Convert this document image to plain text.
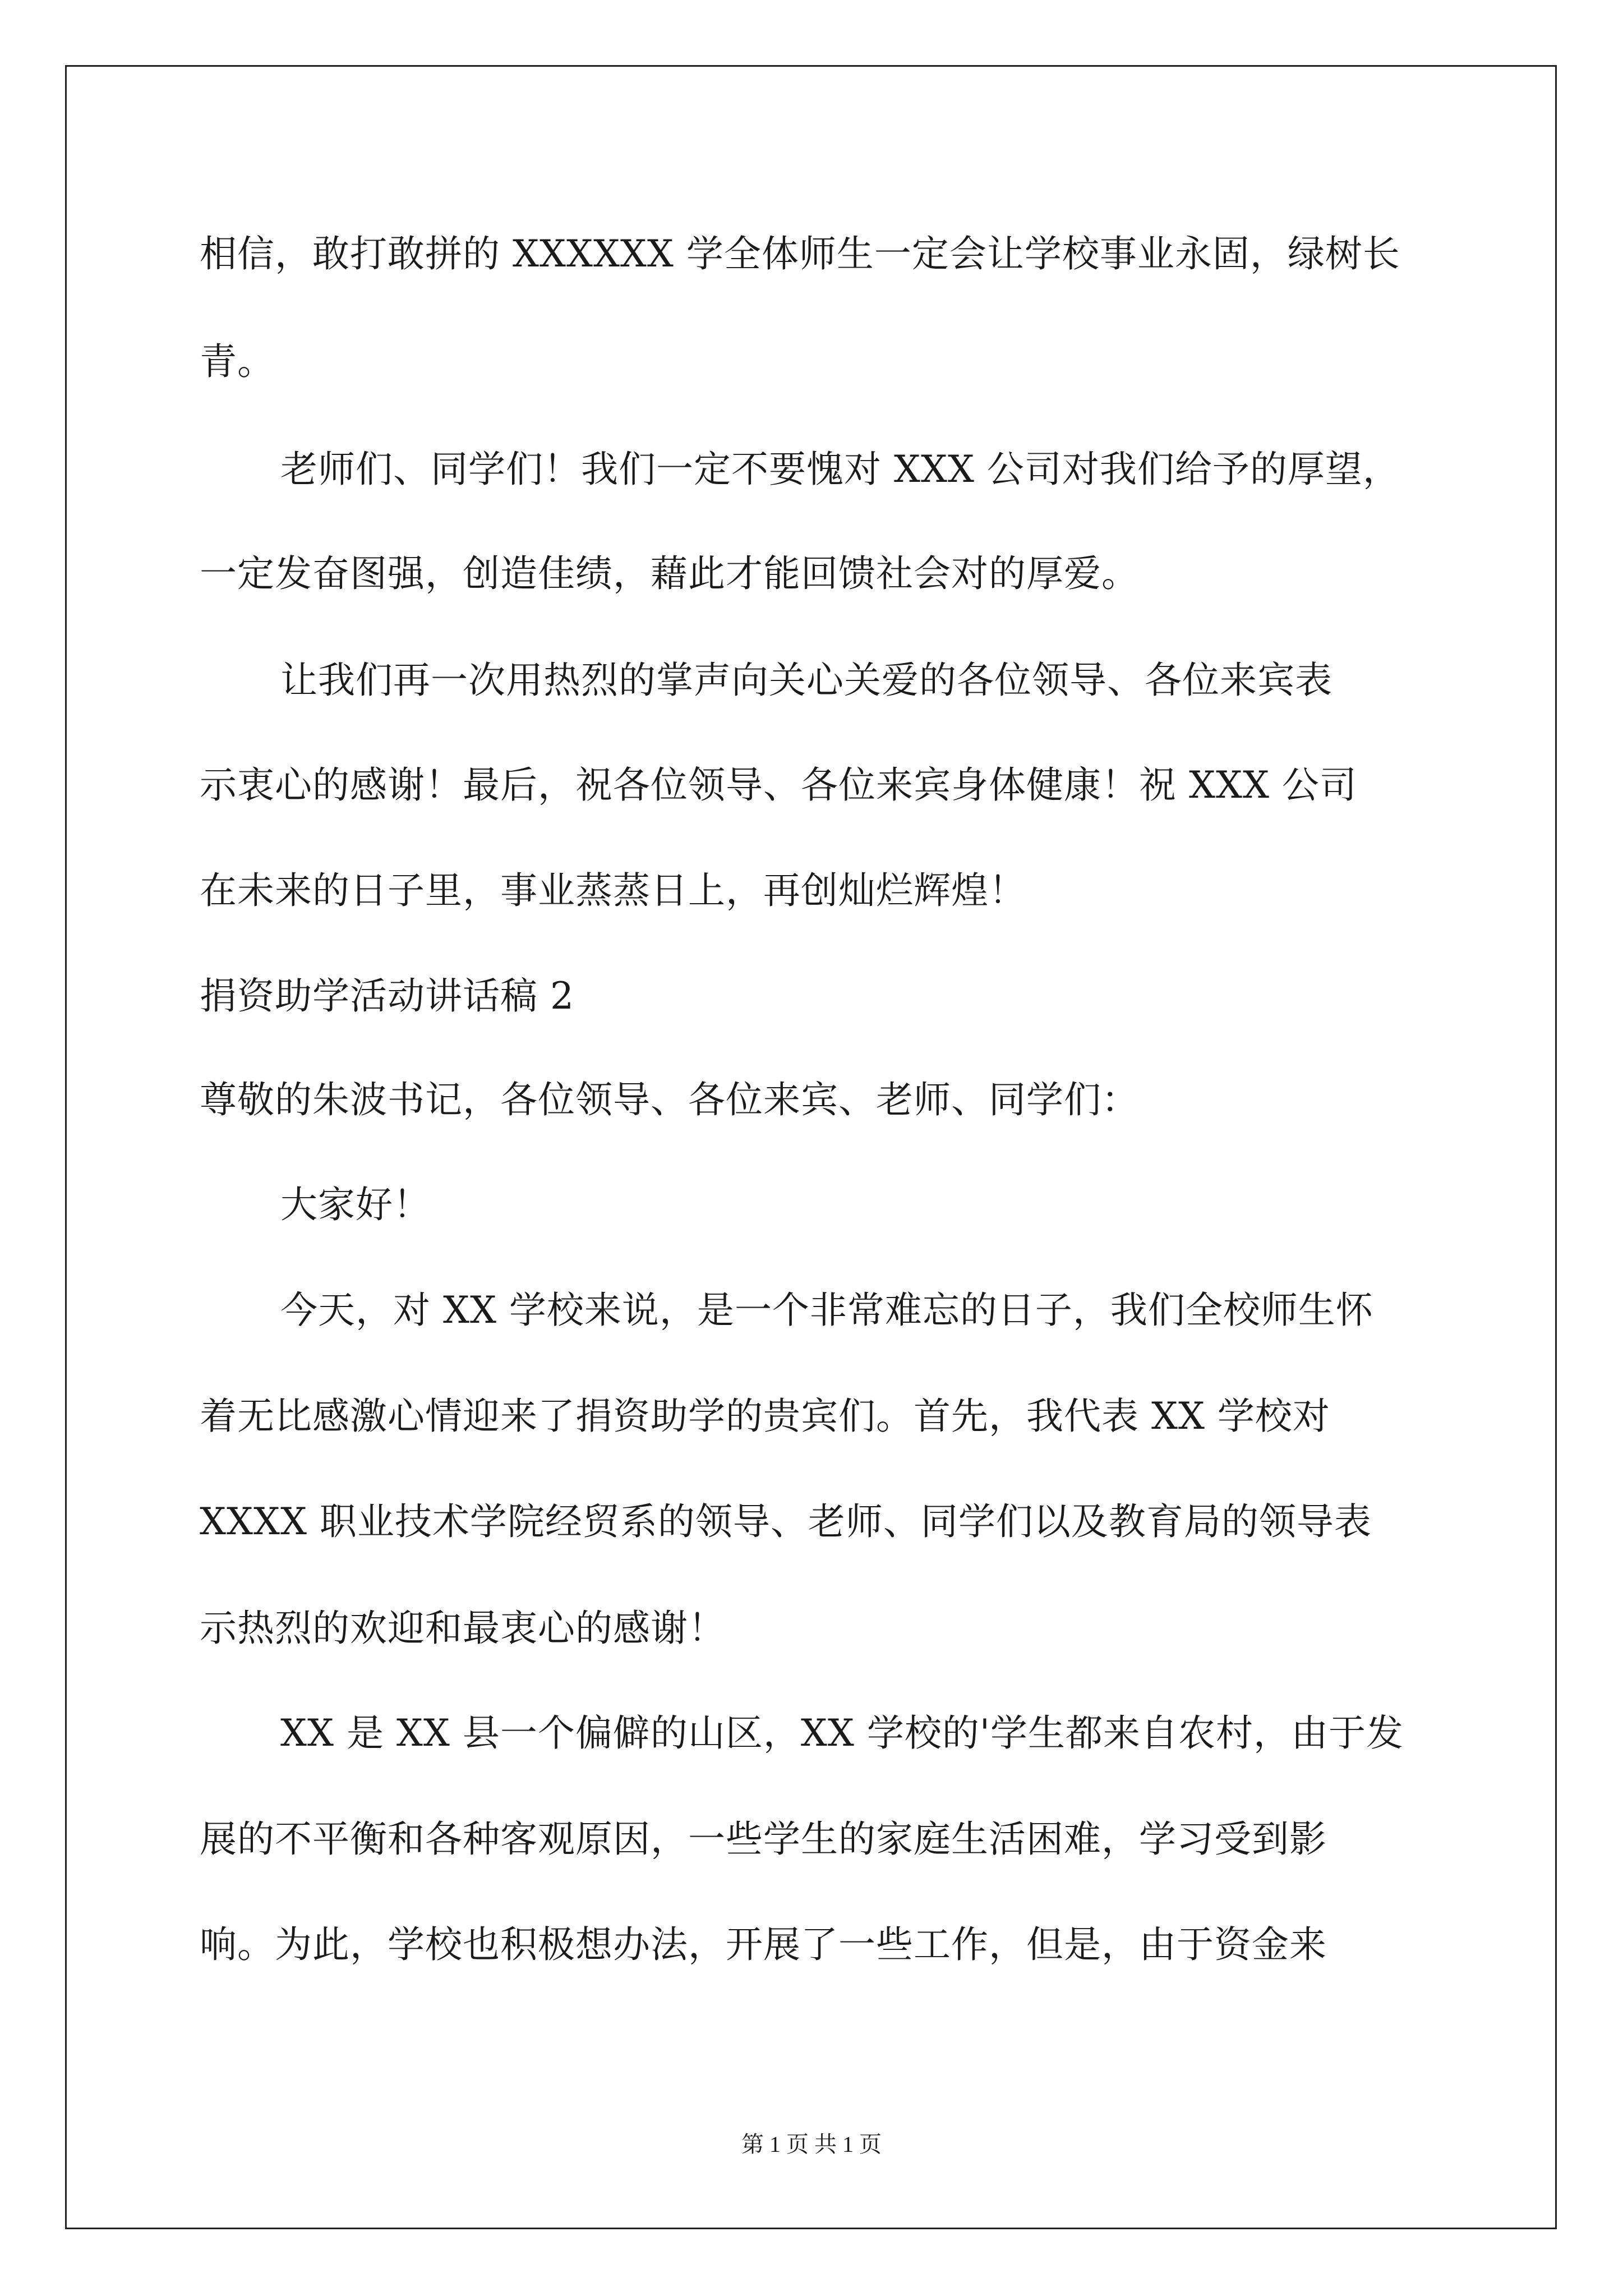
相信，敢打敢拼的 XXXXXX 学全体师生一定会让学校事业永固，绿树长
青。
老师们、同学们！我们一定不要愧对 XXX 公司对我们给予的厚望，
一定发奋图强，创造佳绩，藉此才能回馈社会对的厚爱。
让我们再一次用热烈的掌声向关心关爱的各位领导、各位来宾表
示衷心的感谢！最后，祝各位领导、各位来宾身体健康！祝 XXX 公司
在未来的日子里，事业蒸蒸日上，再创灿烂辉煌！
捐资助学活动讲话稿 2
尊敬的朱波书记，各位领导、各位来宾、老师、同学们：
大家好！
今天，对 XX 学校来说，是一个非常难忘的日子，我们全校师生怀
着无比感激心情迎来了捐资助学的贵宾们。首先，我代表 XX 学校对
XXXX 职业技术学院经贸系的领导、老师、同学们以及教育局的领导表
示热烈的欢迎和最衷心的感谢！
XX 是 XX 县一个偏僻的山区，XX 学校的'学生都来自农村，由于发
展的不平衡和各种客观原因，一些学生的家庭生活困难，学习受到影
响。为此，学校也积极想办法，开展了一些工作，但是，由于资金来
第 1 页 共 1 页
